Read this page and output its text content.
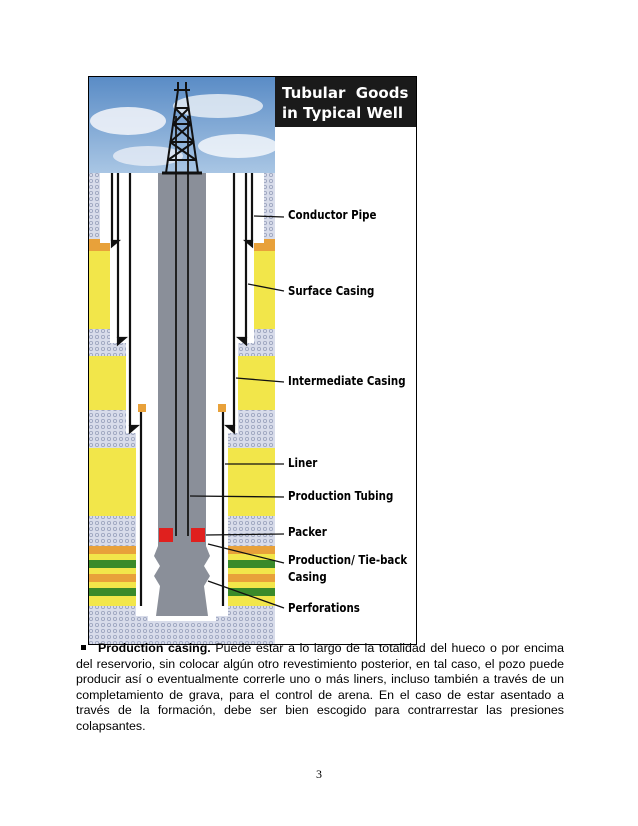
Tubular  Goods
in Typical Well
Conductor Pipe
Surface Casing
Intermediate Casing
Liner
Production Tubing
Packer
Production/ Tie-back
Casing
Perforations

Production casing. Puede estar a lo largo de la totalidad del hueco o por encima del reservorio, sin colocar algún otro revestimiento posterior, en tal caso, el pozo puede producir así o eventualmente correrle uno o más liners, incluso también a través de un completamiento de grava, para el control de arena. En el caso de estar asentado a través de la formación, debe ser bien escogido para contrarrestar las presiones colapsantes.

3
